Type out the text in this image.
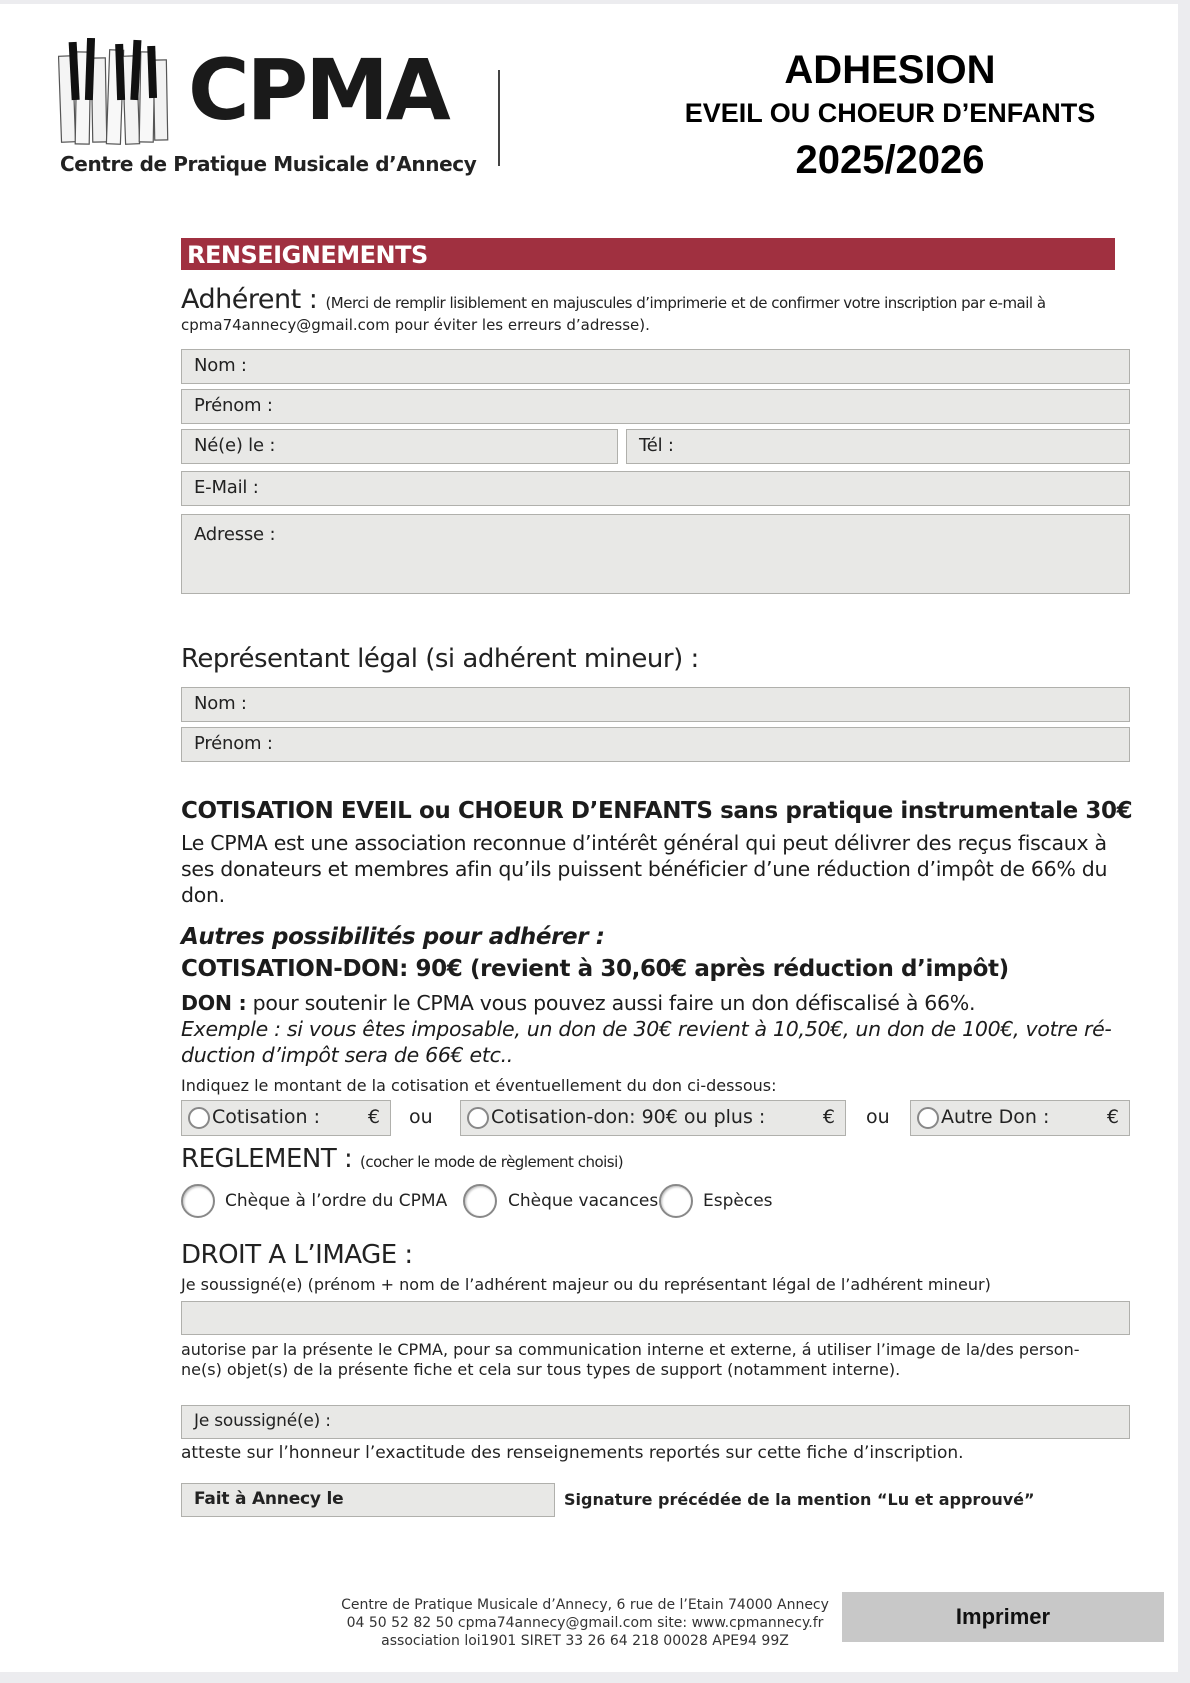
CPMA
Centre de Pratique Musicale d’Annecy
ADHESION
EVEIL OU CHOEUR D’ENFANTS
2025/2026
RENSEIGNEMENTS
Adhérent : (Merci de remplir lisiblement en majuscules d’imprimerie et de confirmer votre inscription par e-mail à
cpma74annecy@gmail.com pour éviter les erreurs d’adresse).
Nom :
Prénom :
Né(e) le :	Tél :
E-Mail :
Adresse :
Représentant légal (si adhérent mineur) :
Nom :
Prénom :
COTISATION EVEIL ou CHOEUR D’ENFANTS sans pratique instrumentale 30€
Le CPMA est une association reconnue d’intérêt général qui peut délivrer des reçus fiscaux à
ses donateurs et membres afin qu’ils puissent bénéficier d’une réduction d’impôt de 66% du
don.
Autres possibilités pour adhérer :
COTISATION-DON: 90€ (revient à 30,60€ après réduction d’impôt)
DON : pour soutenir le CPMA vous pouvez aussi faire un don défiscalisé à 66%.
Exemple : si vous êtes imposable, un don de 30€ revient à 10,50€, un don de 100€, votre ré-
duction d’impôt sera de 66€ etc..
Indiquez le montant de la cotisation et éventuellement du don ci-dessous:
Cotisation :	€ ou	Cotisation-don: 90€ ou plus :	€ ou	Autre Don :	€
REGLEMENT : (cocher le mode de règlement choisi)
Chèque à l’ordre du CPMA	Chèque vacances	Espèces
DROIT A L’IMAGE :
Je soussigné(e) (prénom + nom de l’adhérent majeur ou du représentant légal de l’adhérent mineur)
autorise par la présente le CPMA, pour sa communication interne et externe, á utiliser l’image de la/des person-
ne(s) objet(s) de la présente fiche et cela sur tous types de support (notamment interne).
Je soussigné(e) :
atteste sur l’honneur l’exactitude des renseignements reportés sur cette fiche d’inscription.
Fait à Annecy le	Signature précédée de la mention “Lu et approuvé”
Centre de Pratique Musicale d’Annecy, 6 rue de l’Etain 74000 Annecy
04 50 52 82 50 cpma74annecy@gmail.com site: www.cpmannecy.fr
association loi1901 SIRET 33 26 64 218 00028 APE94 99Z
Imprimer
